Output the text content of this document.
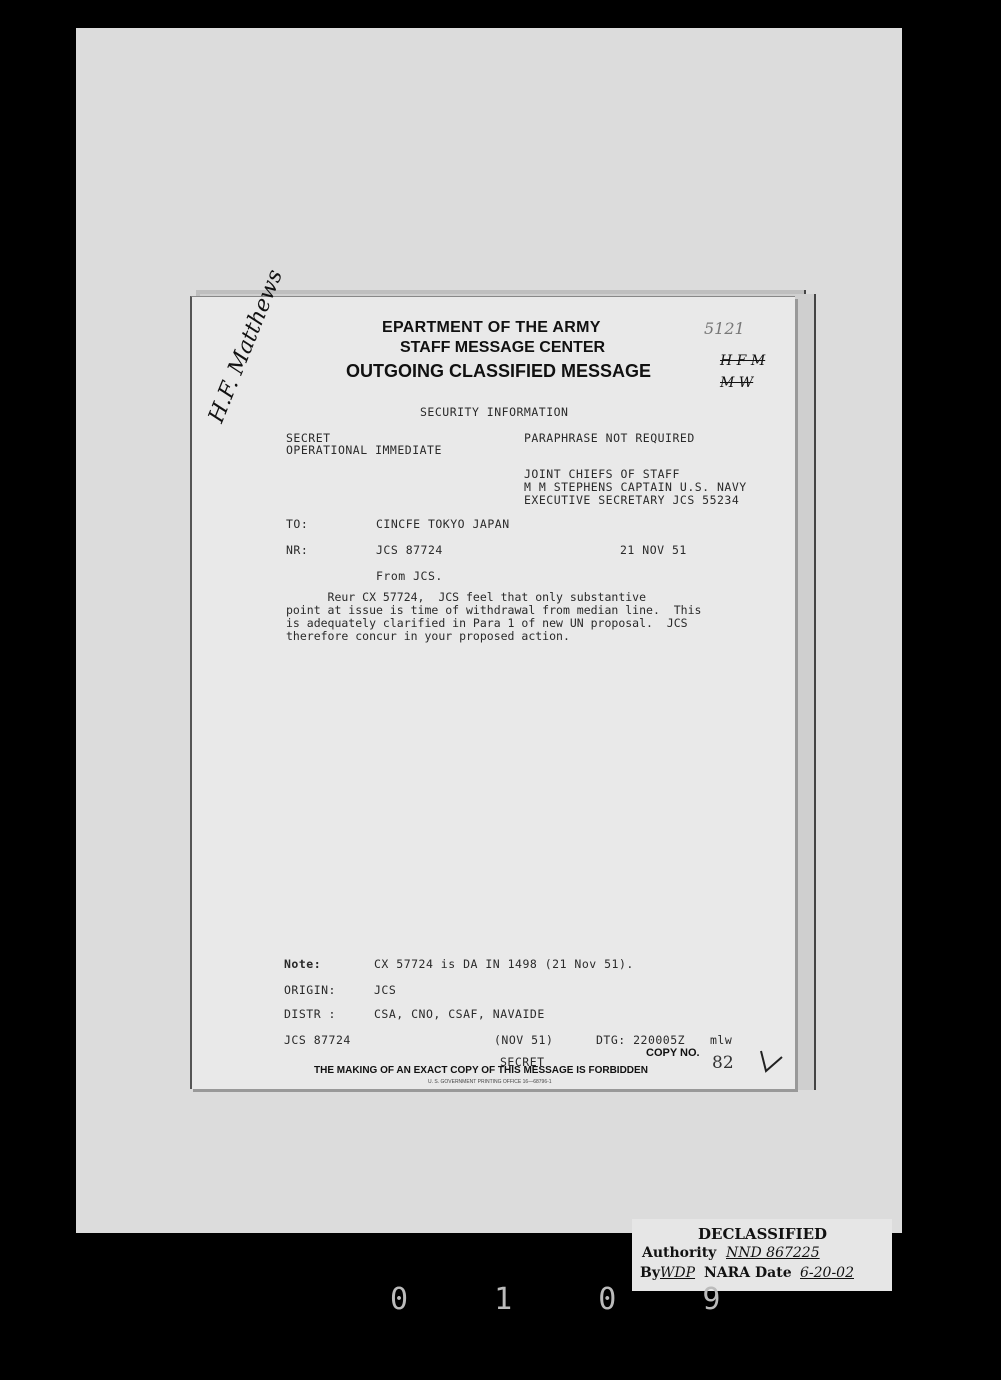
EPARTMENT OF THE ARMY
STAFF MESSAGE CENTER
OUTGOING CLASSIFIED MESSAGE
H.F. Matthews	5121
H F M
M W
SECURITY INFORMATION
SECRET
OPERATIONAL IMMEDIATE
PARAPHRASE NOT REQUIRED
JOINT CHIEFS OF STAFF
M M STEPHENS CAPTAIN U.S. NAVY
EXECUTIVE SECRETARY JCS 55234
TO:	CINCFE TOKYO JAPAN
NR:	JCS 87724	21 NOV 51
From JCS.
Reur CX 57724,  JCS feel that only substantive
point at issue is time of withdrawal from median line.  This
is adequately clarified in Para 1 of new UN proposal.  JCS
therefore concur in your proposed action.
Note:	CX 57724 is DA IN 1498 (21 Nov 51).
ORIGIN:	JCS
DISTR :	CSA, CNO, CSAF, NAVAIDE
JCS 87724	(NOV 51)	DTG: 220005Z mlw
COPY NO. 82
SECRET
THE MAKING OF AN EXACT COPY OF THIS MESSAGE IS FORBIDDEN
U. S. GOVERNMENT PRINTING OFFICE 16—68796-1
DECLASSIFIED
Authority NND 867225
By WDP NARA Date 6-20-02
0 1 0 9
